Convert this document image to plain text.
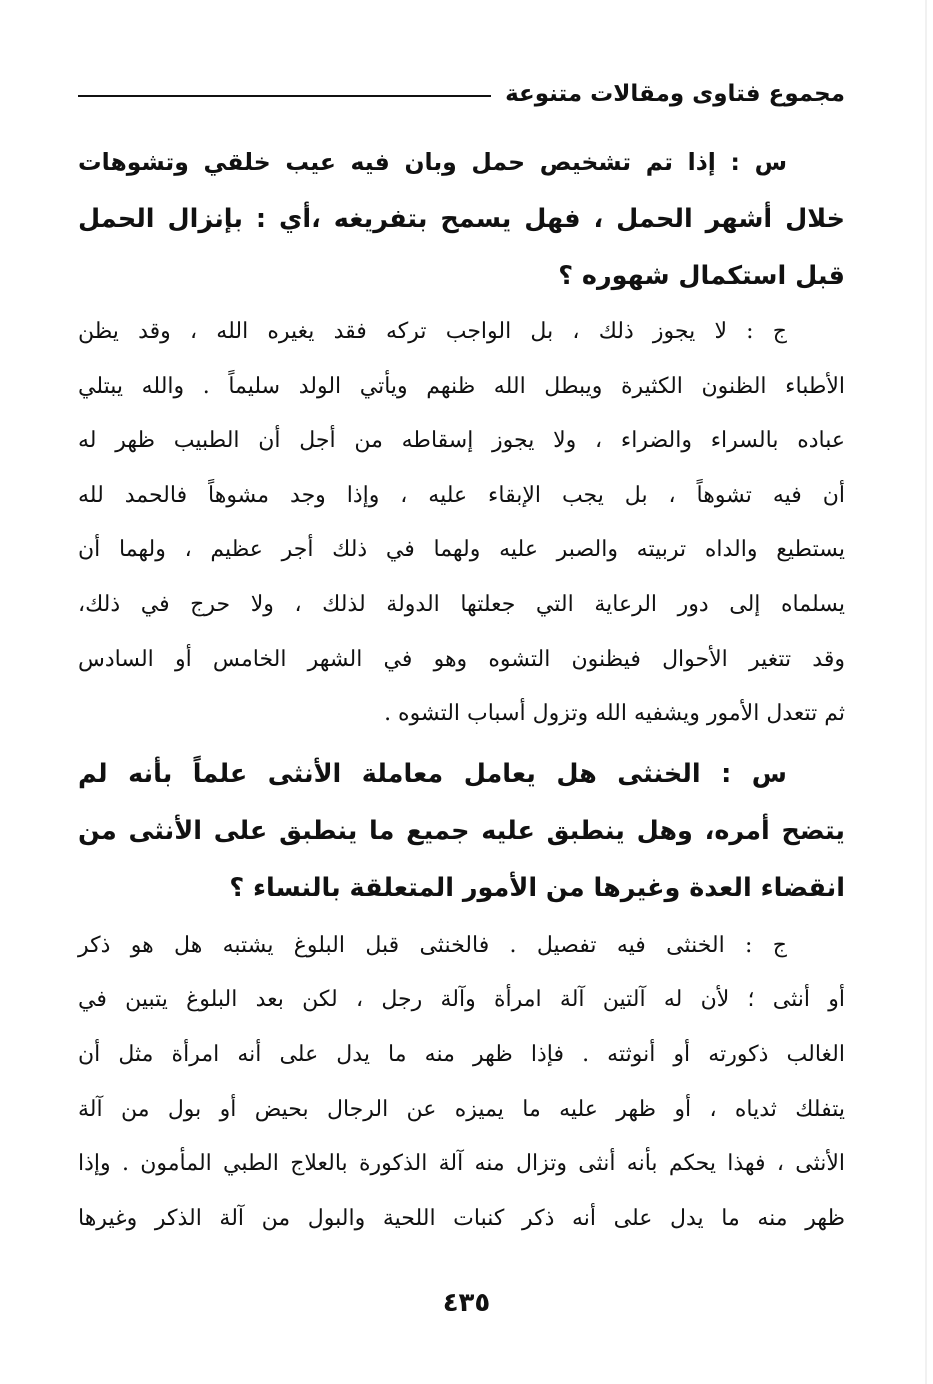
مجموع فتاوى ومقالات متنوعة
س : إذا تم تشخيص حمل وبان فيه عيب خلقي وتشوهات
خلال أشهر الحمل ، فهل يسمح بتفريغه ،أي : بإنزال الحمل
قبل استكمال شهوره ؟
ج : لا يجوز ذلك ، بل الواجب تركه فقد يغيره الله ، وقد يظن
الأطباء الظنون الكثيرة ويبطل الله ظنهم ويأتي الولد سليماً . والله يبتلي
عباده بالسراء والضراء ، ولا يجوز إسقاطه من أجل أن الطبيب ظهر له
أن فيه تشوهاً ، بل يجب الإبقاء عليه ، وإذا وجد مشوهاً فالحمد لله
يستطيع والداه تربيته والصبر عليه ولهما في ذلك أجر عظيم ، ولهما أن
يسلماه إلى دور الرعاية التي جعلتها الدولة لذلك ، ولا حرج في ذلك،
وقد تتغير الأحوال فيظنون التشوه وهو في الشهر الخامس أو السادس
ثم تتعدل الأمور ويشفيه الله وتزول أسباب التشوه .
س : الخنثى هل يعامل معاملة الأنثى علماً بأنه لم
يتضح أمره، وهل ينطبق عليه جميع ما ينطبق على الأنثى من
انقضاء العدة وغيرها من الأمور المتعلقة بالنساء ؟
ج : الخنثى فيه تفصيل . فالخنثى قبل البلوغ يشتبه هل هو ذكر
أو أنثى ؛ لأن له آلتين آلة امرأة وآلة رجل ، لكن بعد البلوغ يتبين في
الغالب ذكورته أو أنوثته . فإذا ظهر منه ما يدل على أنه امرأة مثل أن
يتفلك ثدياه ، أو ظهر عليه ما يميزه عن الرجال بحيض أو بول من آلة
الأنثى ، فهذا يحكم بأنه أنثى وتزال منه آلة الذكورة بالعلاج الطبي المأمون . وإذا
ظهر منه ما يدل على أنه ذكر كنبات اللحية والبول من آلة الذكر وغيرها
٤٣٥
